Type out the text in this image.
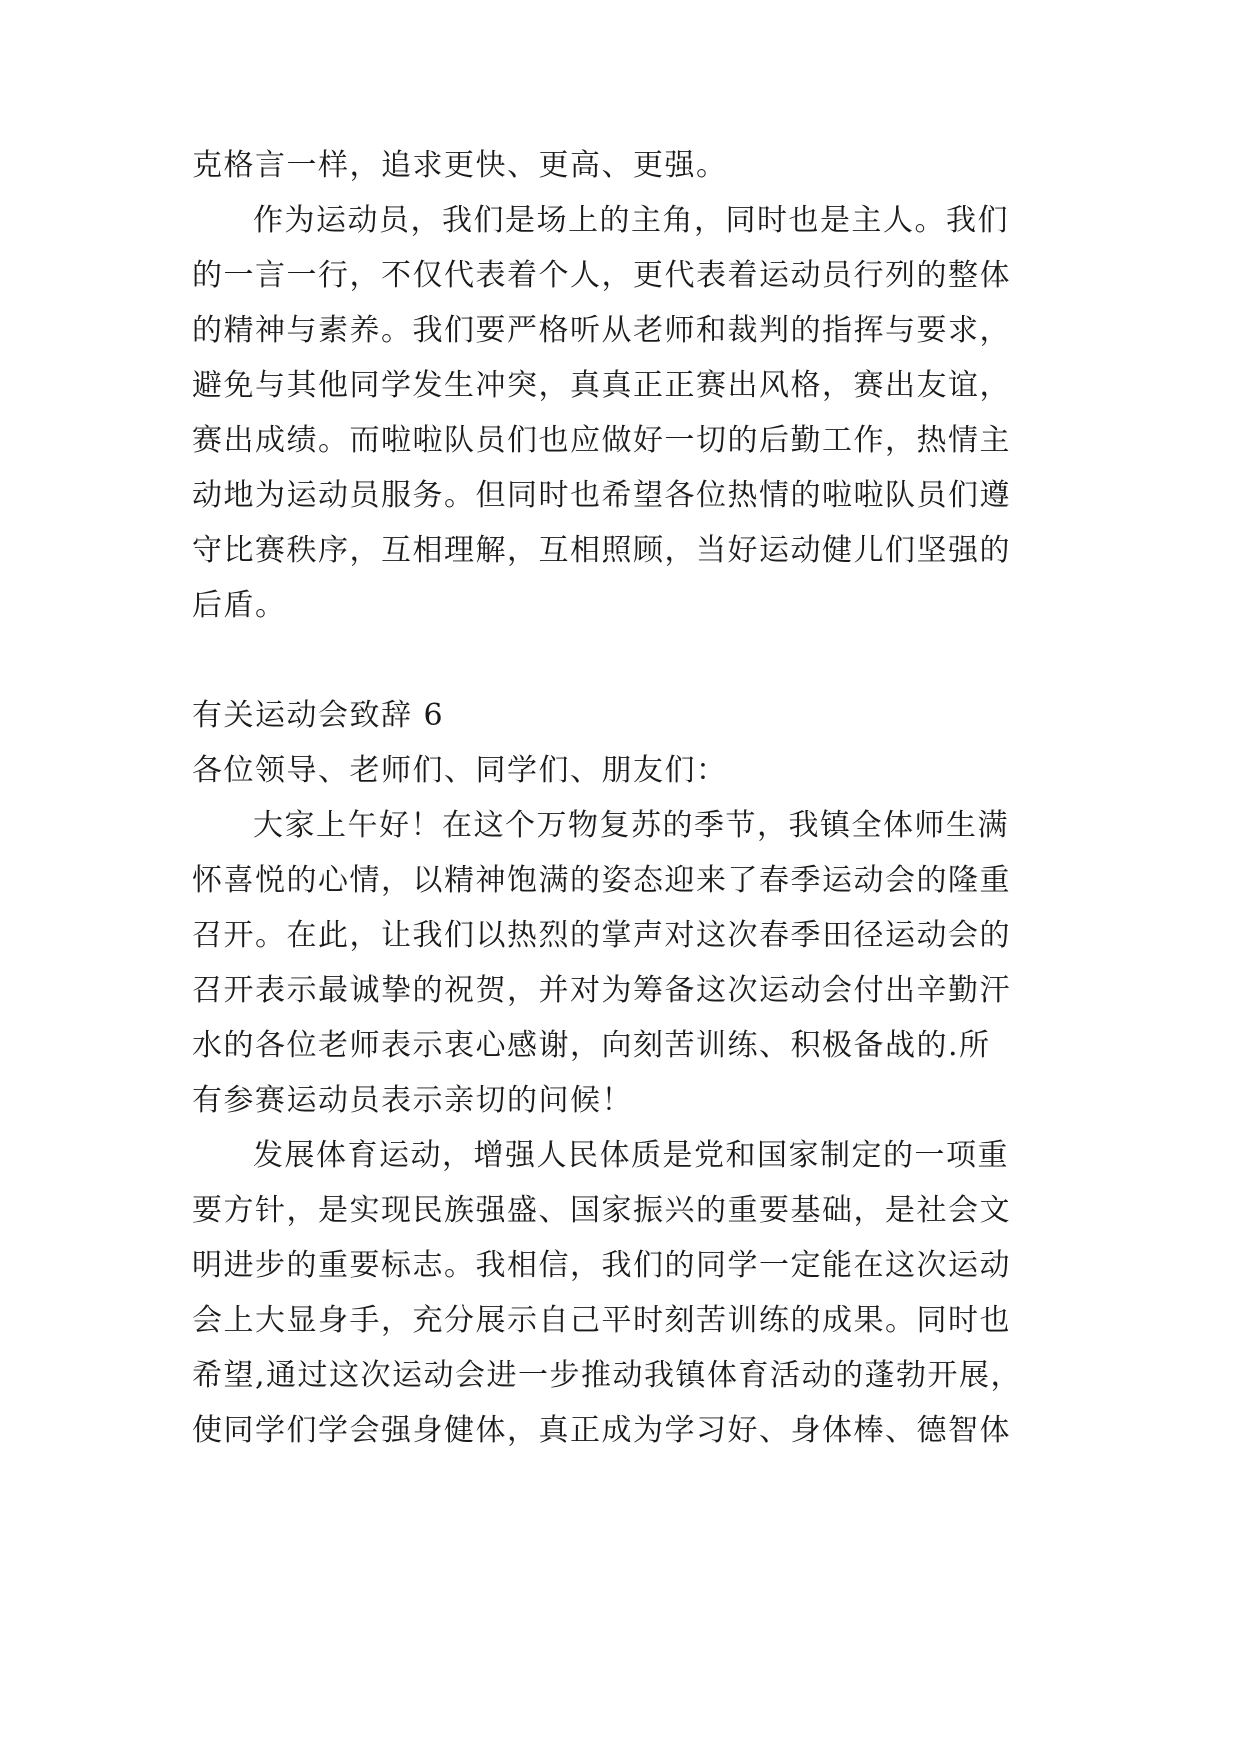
克格言一样，追求更快、更高、更强。
作为运动员，我们是场上的主角，同时也是主人。我们
的一言一行，不仅代表着个人，更代表着运动员行列的整体
的精神与素养。我们要严格听从老师和裁判的指挥与要求，
避免与其他同学发生冲突，真真正正赛出风格，赛出友谊，
赛出成绩。而啦啦队员们也应做好一切的后勤工作，热情主
动地为运动员服务。但同时也希望各位热情的啦啦队员们遵
守比赛秩序，互相理解，互相照顾，当好运动健儿们坚强的
后盾。
有关运动会致辞 6
各位领导、老师们、同学们、朋友们：
大家上午好！在这个万物复苏的季节，我镇全体师生满
怀喜悦的心情，以精神饱满的姿态迎来了春季运动会的隆重
召开。在此，让我们以热烈的掌声对这次春季田径运动会的
召开表示最诚挚的祝贺，并对为筹备这次运动会付出辛勤汗
水的各位老师表示衷心感谢，向刻苦训练、积极备战的.所
有参赛运动员表示亲切的问候！
发展体育运动，增强人民体质是党和国家制定的一项重
要方针，是实现民族强盛、国家振兴的重要基础，是社会文
明进步的重要标志。我相信，我们的同学一定能在这次运动
会上大显身手，充分展示自己平时刻苦训练的成果。同时也
希望,通过这次运动会进一步推动我镇体育活动的蓬勃开展，
使同学们学会强身健体，真正成为学习好、身体棒、德智体
